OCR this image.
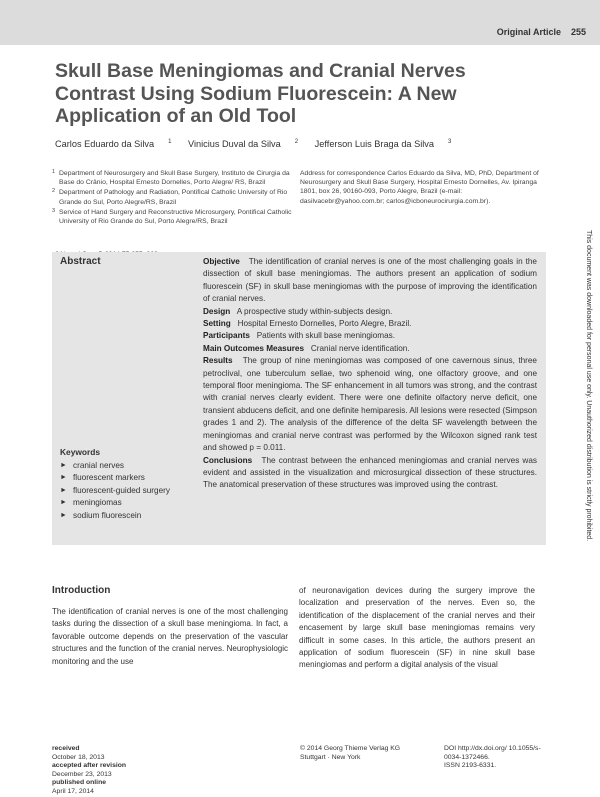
Original Article 255
Skull Base Meningiomas and Cranial Nerves Contrast Using Sodium Fluorescein: A New Application of an Old Tool
Carlos Eduardo da Silva $^1$ Vinicius Duval da Silva $^2$ Jefferson Luis Braga da Silva $^3$
1 Department of Neurosurgery and Skull Base Surgery, Instituto de Cirurgia da Base do Crânio, Hospital Ernesto Dornelles, Porto Alegre/ RS, Brazil
2 Department of Pathology and Radiation, Pontifical Catholic University of Rio Grande do Sul, Porto Alegre/RS, Brazil
3 Service of Hand Surgery and Reconstructive Microsurgery, Pontifical Catholic University of Rio Grande do Sul, Porto Alegre/RS, Brazil
Address for correspondence Carlos Eduardo da Silva, MD, PhD, Department of Neurosurgery and Skull Base Surgery, Hospital Ernesto Dornelles, Av. Ipiranga 1801, box 26, 90160-093, Porto Alegre, Brazil (e-mail: dasilvacebr@yahoo.com.br; carlos@icboneurocirurgia.com.br).
Abstract	Objective The identification of cranial nerves is one of the most challenging goals in the dissection of skull base meningiomas. The authors present an application of sodium fluorescein (SF) in skull base meningiomas with the purpose of improving the identification of cranial nerves.

Design A prospective study within-subjects design.

Setting Hospital Ernesto Dornelles, Porto Alegre, Brazil.

Participants Patients with skull base meningiomas.

Main Outcomes Measures Cranial nerve identification.

Results The group of nine meningiomas was composed of one cavernous sinus, three petroclival, one tuberculum sellae, two sphenoid wing, one olfactory groove, and one temporal floor meningioma. The SF enhancement in all tumors was strong, and the contrast with cranial nerves clearly evident. There were one definite olfactory nerve deficit, one transient abducens deficit, and one definite hemiparesis. All lesions were resected (Simpson grades 1 and 2). The analysis of the difference of the delta SF wavelength between the meningiomas and cranial nerve contrast was performed by the Wilcoxon signed rank test and showed p = 0.011.

Conclusions The contrast between the enhanced meningiomas and cranial nerves was evident and assisted in the visualization and microsurgical dissection of these structures. The anatomical preservation of these structures was improved using the contrast.

Keywords
► cranial nerves
► fluorescent markers
► fluorescent-guided surgery
► meningiomas
► sodium fluorescein	This document was downloaded for personal use only. Unauthorized distribution is strictly prohibited.
Introduction

The identification of cranial nerves is one of the most challenging tasks during the dissection of a skull base meningioma. In fact, a favorable outcome depends on the preservation of the vascular structures and the function of the cranial nerves. Neurophysiologic monitoring and the use

of neuronavigation devices during the surgery improve the localization and preservation of the nerves. Even so, the identification of the displacement of the cranial nerves and their encasement by large skull base meningiomas remains very difficult in some cases. In this article, the authors present an application of sodium fluorescein (SF) in nine skull base meningiomas and perform a digital analysis of the visual

received
October 18, 2013
accepted after revision
December 23, 2013
published online
April 17, 2014
© 2014 Georg Thieme Verlag KG
Stuttgart · New York
DOI http://dx.doi.org/ 10.1055/s-0034-1372466.
ISSN 2193-6331.
